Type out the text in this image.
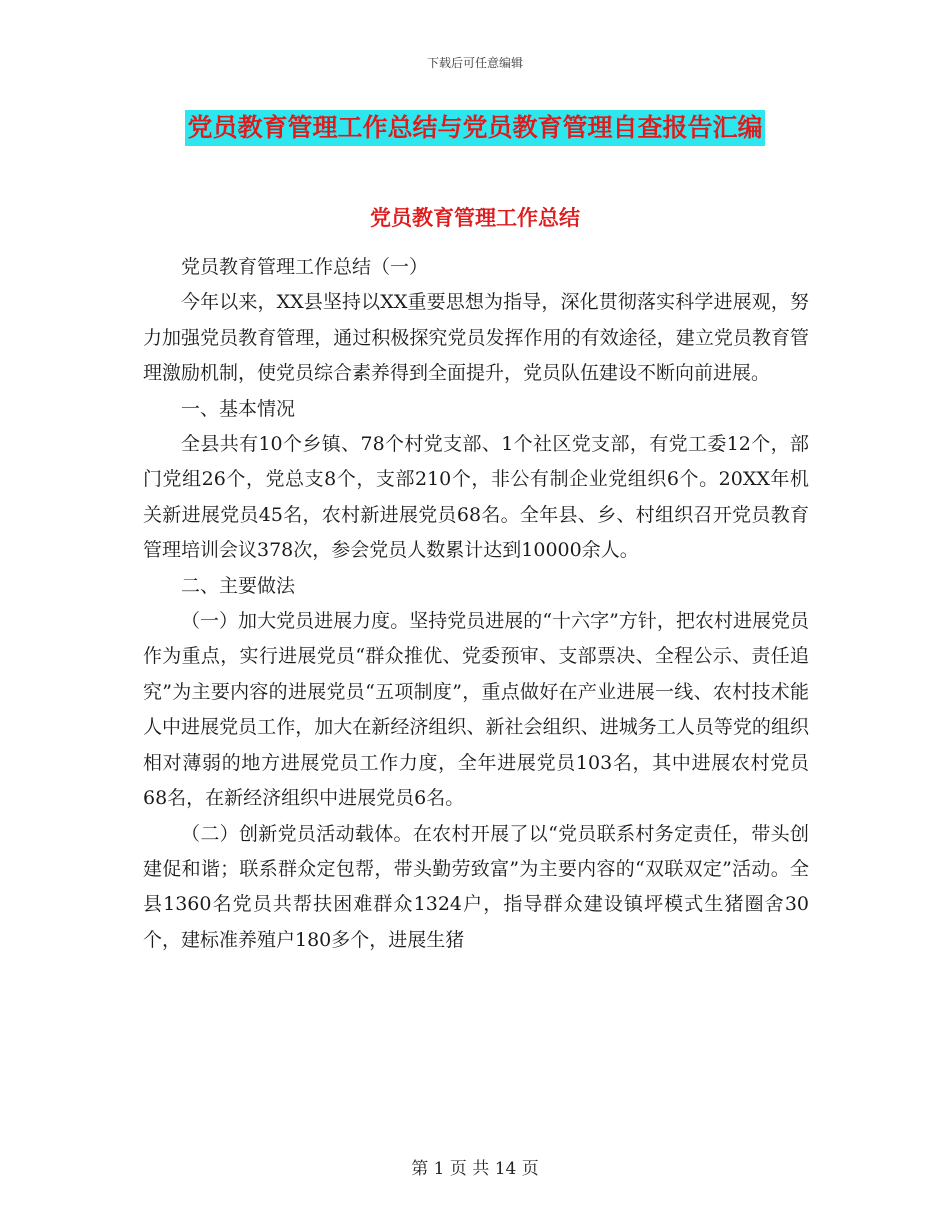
下载后可任意编辑
党员教育管理工作总结与党员教育管理自查报告汇编
党员教育管理工作总结

党员教育管理工作总结（一）

今年以来，XX县坚持以XX重要思想为指导，深化贯彻落实科学进展观，努力加强党员教育管理，通过积极探究党员发挥作用的有效途径，建立党员教育管理激励机制，使党员综合素养得到全面提升，党员队伍建设不断向前进展。

一、基本情况

全县共有10个乡镇、78个村党支部、1个社区党支部，有党工委12个，部门党组26个，党总支8个，支部210个，非公有制企业党组织6个。20XX年机关新进展党员45名，农村新进展党员68名。全年县、乡、村组织召开党员教育管理培训会议378次，参会党员人数累计达到10000余人。

二、主要做法

（一）加大党员进展力度。坚持党员进展的“十六字”方针，把农村进展党员作为重点，实行进展党员“群众推优、党委预审、支部票决、全程公示、责任追究”为主要内容的进展党员“五项制度”，重点做好在产业进展一线、农村技术能人中进展党员工作，加大在新经济组织、新社会组织、进城务工人员等党的组织相对薄弱的地方进展党员工作力度，全年进展党员103名，其中进展农村党员68名，在新经济组织中进展党员6名。

（二）创新党员活动载体。在农村开展了以“党员联系村务定责任，带头创建促和谐；联系群众定包帮，带头勤劳致富”为主要内容的“双联双定”活动。全县1360名党员共帮扶困难群众1324户，指导群众建设镇坪模式生猪圈舍30个，建标准养殖户180多个，进展生猪

第 1 页 共 14 页
